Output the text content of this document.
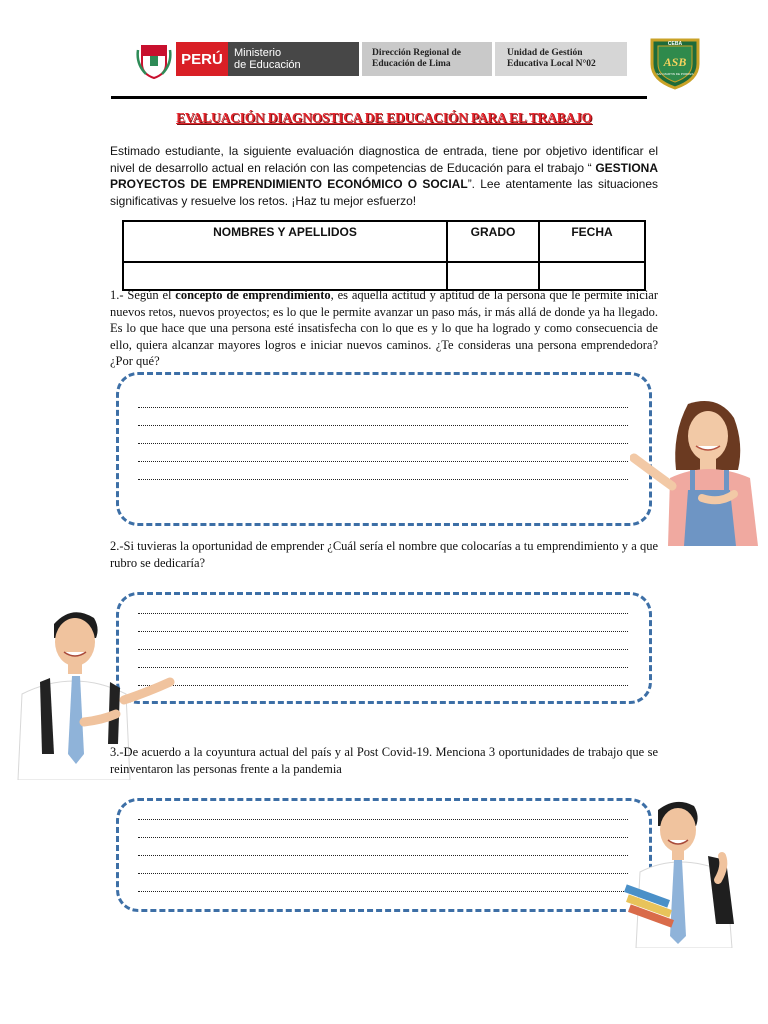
PERÚ Ministerio
de Educación
Dirección Regional de
Educación de Lima
Unidad de Gestión
Educativa Local N°02
CEBA
ASB
SAN MARTIN DE PORRES
EVALUACIÓN DIAGNOSTICA DE EDUCACIÓN PARA EL TRABAJO
Estimado estudiante, la siguiente evaluación diagnostica de entrada, tiene por objetivo identificar el nivel de desarrollo actual en relación con las competencias de Educación para el trabajo “ GESTIONA PROYECTOS DE EMPRENDIMIENTO ECONÓMICO O SOCIAL”. Lee atentamente las situaciones significativas y resuelve los retos. ¡Haz tu mejor esfuerzo!
NOMBRES Y APELLIDOS	GRADO	FECHA

1.- Según el concepto de emprendimiento, es aquella actitud y aptitud de la persona que le permite iniciar nuevos retos, nuevos proyectos; es lo que le permite avanzar un paso más, ir más allá de donde ya ha llegado. Es lo que hace que una persona esté insatisfecha con lo que es y lo que ha logrado y como consecuencia de ello, quiera alcanzar mayores logros e iniciar nuevos caminos. ¿Te consideras una persona emprendedora? ¿Por qué?
2.-Si tuvieras la oportunidad de emprender ¿Cuál sería el nombre que colocarías a tu emprendimiento y a que rubro se dedicaría?
3.-De acuerdo a la coyuntura actual del país y al Post Covid-19. Menciona 3 oportunidades de trabajo que se reinventaron las personas frente a la pandemia
